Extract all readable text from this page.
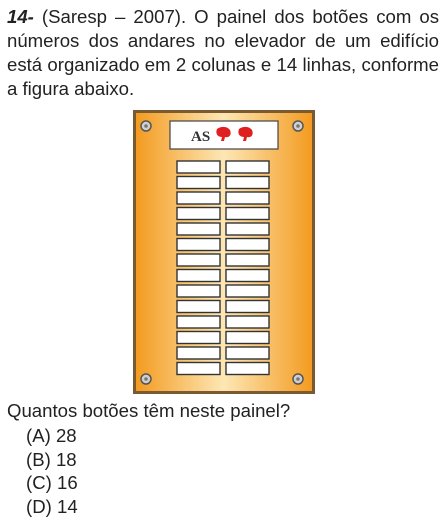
14- (Saresp – 2007). O painel dos botões com os números dos andares no elevador de um edifício está organizado em 2 colunas e 14 linhas, conforme a figura abaixo.

AS

Quantos botões têm neste painel?

(A) 28
(B) 18
(C) 16
(D) 14
